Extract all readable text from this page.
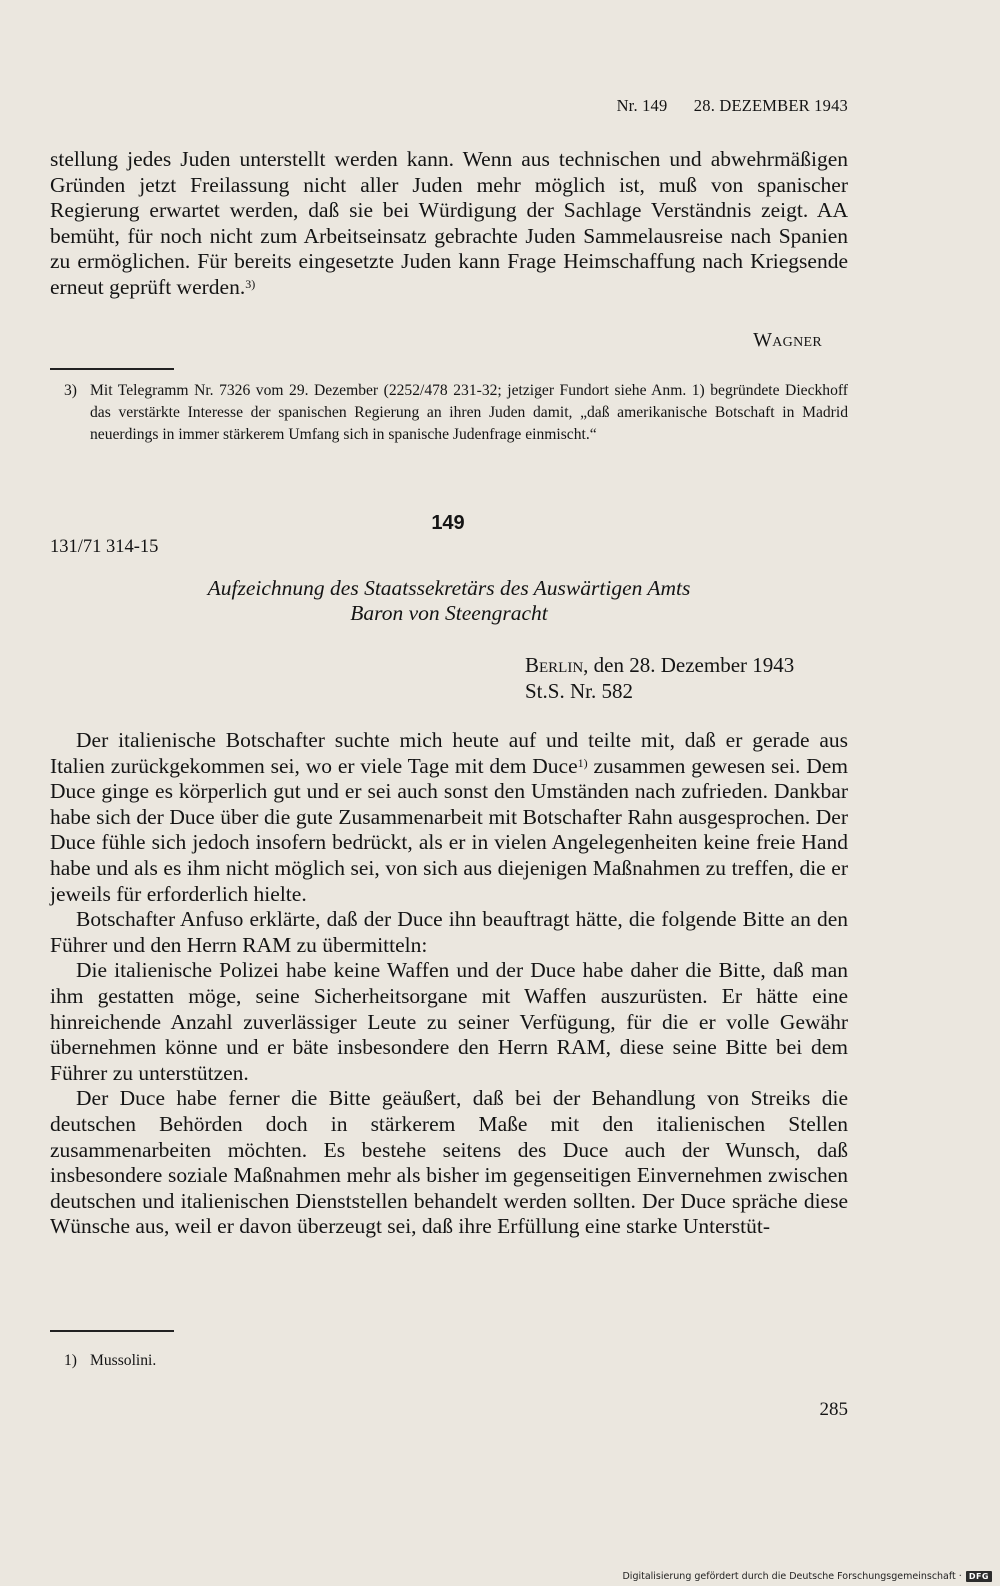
Nr. 149 28. DEZEMBER 1943

stellung jedes Juden unterstellt werden kann. Wenn aus technischen und abwehrmäßigen Gründen jetzt Freilassung nicht aller Juden mehr möglich ist, muß von spanischer Regierung erwartet werden, daß sie bei Würdigung der Sachlage Verständnis zeigt. AA bemüht, für noch nicht zum Arbeitseinsatz gebrachte Juden Sammelausreise nach Spanien zu ermöglichen. Für bereits eingesetzte Juden kann Frage Heimschaffung nach Kriegsende erneut geprüft werden.$^{3)}$

Wagner
3) Mit Telegramm Nr. 7326 vom 29. Dezember (2252/478 231-32; jetziger Fundort siehe Anm. 1) begründete Dieckhoff das verstärkte Interesse der spanischen Regierung an ihren Juden damit, „daß amerikanische Botschaft in Madrid neuerdings in immer stärkerem Umfang sich in spanische Judenfrage einmischt.“
149
131/71 314-15
Aufzeichnung des Staatssekretärs des Auswärtigen Amts
Baron von Steengracht
Berlin, den 28. Dezember 1943
St.S. Nr. 582

Der italienische Botschafter suchte mich heute auf und teilte mit, daß er gerade aus Italien zurückgekommen sei, wo er viele Tage mit dem Duce$^{1)}$ zusammen gewesen sei. Dem Duce ginge es körperlich gut und er sei auch sonst den Umständen nach zufrieden. Dankbar habe sich der Duce über die gute Zusammenarbeit mit Botschafter Rahn ausgesprochen. Der Duce fühle sich jedoch insofern bedrückt, als er in vielen Angelegenheiten keine freie Hand habe und als es ihm nicht möglich sei, von sich aus diejenigen Maßnahmen zu treffen, die er jeweils für erforderlich hielte.

Botschafter Anfuso erklärte, daß der Duce ihn beauftragt hätte, die folgende Bitte an den Führer und den Herrn RAM zu übermitteln:

Die italienische Polizei habe keine Waffen und der Duce habe daher die Bitte, daß man ihm gestatten möge, seine Sicherheitsorgane mit Waffen auszurüsten. Er hätte eine hinreichende Anzahl zuverlässiger Leute zu seiner Verfügung, für die er volle Gewähr übernehmen könne und er bäte insbesondere den Herrn RAM, diese seine Bitte bei dem Führer zu unterstützen.

Der Duce habe ferner die Bitte geäußert, daß bei der Behandlung von Streiks die deutschen Behörden doch in stärkerem Maße mit den italienischen Stellen zusammenarbeiten möchten. Es bestehe seitens des Duce auch der Wunsch, daß insbesondere soziale Maßnahmen mehr als bisher im gegenseitigen Einvernehmen zwischen deutschen und italienischen Dienststellen behandelt werden sollten. Der Duce spräche diese Wünsche aus, weil er davon überzeugt sei, daß ihre Erfüllung eine starke Unterstüt-

1) Mussolini.
285
Digitalisierung gefördert durch die Deutsche Forschungsgemeinschaft · DFG
